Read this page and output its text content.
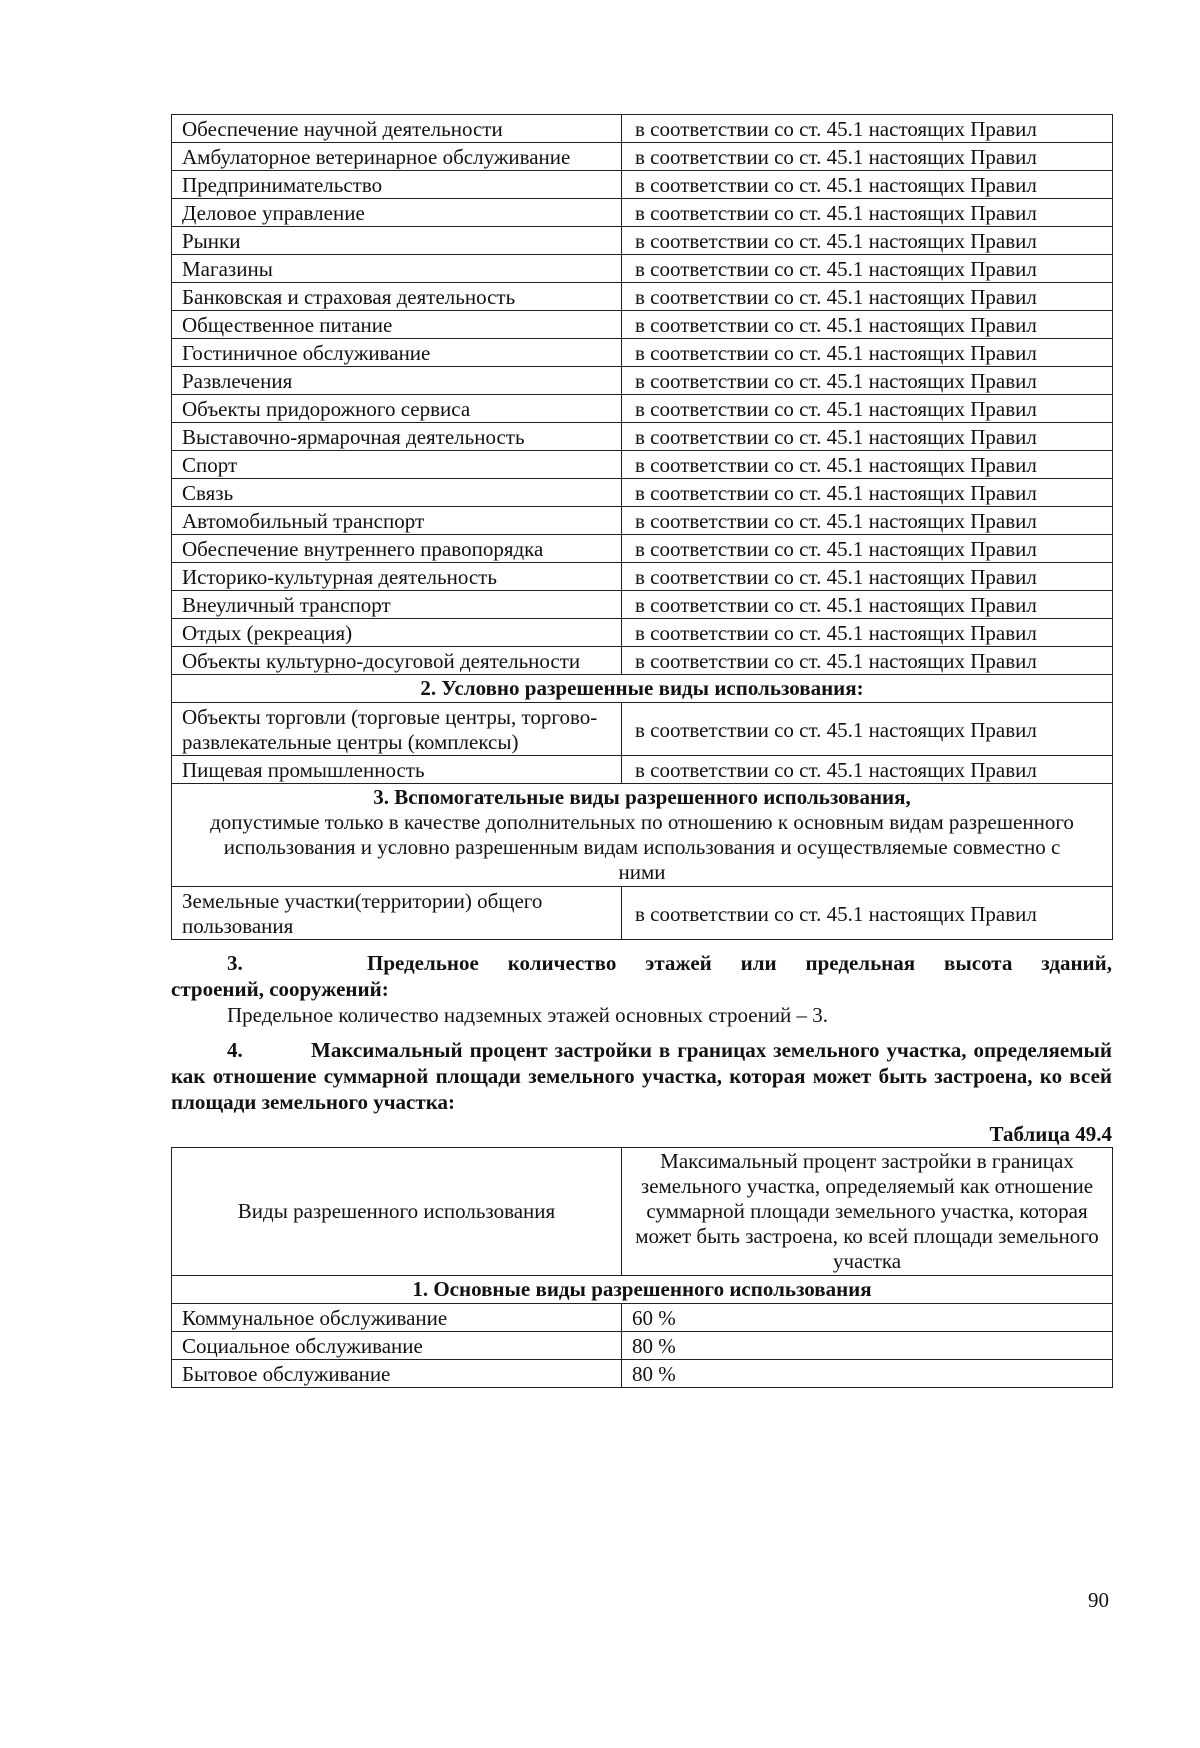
Обеспечение научной деятельности	в соответствии со ст. 45.1 настоящих Правил
Амбулаторное ветеринарное обслуживание	в соответствии со ст. 45.1 настоящих Правил
Предпринимательство	в соответствии со ст. 45.1 настоящих Правил
Деловое управление	в соответствии со ст. 45.1 настоящих Правил
Рынки	в соответствии со ст. 45.1 настоящих Правил
Магазины	в соответствии со ст. 45.1 настоящих Правил
Банковская и страховая деятельность	в соответствии со ст. 45.1 настоящих Правил
Общественное питание	в соответствии со ст. 45.1 настоящих Правил
Гостиничное обслуживание	в соответствии со ст. 45.1 настоящих Правил
Развлечения	в соответствии со ст. 45.1 настоящих Правил
Объекты придорожного сервиса	в соответствии со ст. 45.1 настоящих Правил
Выставочно-ярмарочная деятельность	в соответствии со ст. 45.1 настоящих Правил
Спорт	в соответствии со ст. 45.1 настоящих Правил
Связь	в соответствии со ст. 45.1 настоящих Правил
Автомобильный транспорт	в соответствии со ст. 45.1 настоящих Правил
Обеспечение внутреннего правопорядка	в соответствии со ст. 45.1 настоящих Правил
Историко-культурная деятельность	в соответствии со ст. 45.1 настоящих Правил
Внеуличный транспорт	в соответствии со ст. 45.1 настоящих Правил
Отдых (рекреация)	в соответствии со ст. 45.1 настоящих Правил
Объекты культурно-досуговой деятельности	в соответствии со ст. 45.1 настоящих Правил
2. Условно разрешенные виды использования:	
Объекты торговли (торговые центры, торгово-развлекательные центры (комплексы)	в соответствии со ст. 45.1 настоящих Правил
Пищевая промышленность	в соответствии со ст. 45.1 настоящих Правил

3. Вспомогательные виды разрешенного использования,
допустимые только в качестве дополнительных по отношению к основным видам разрешенного использования и условно разрешенным видам использования и осуществляемые совместно с ними	

Земельные участки(территории) общего пользования	в соответствии со ст. 45.1 настоящих Правил
3.	Предельное количество этажей или предельная высота зданий,

строений, сооружений:

Предельное количество надземных этажей основных строений – 3.

4.	Максимальный процент застройки в границах земельного участка, определяемый как отношение суммарной площади земельного участка, которая может быть застроена, ко всей площади земельного участка:

Таблица 49.4
Виды разрешенного использования	Максимальный процент застройки в границах земельного участка, определяемый как отношение суммарной площади земельного участка, которая может быть застроена, ко всей площади земельного участка
1. Основные виды разрешенного использования	
Коммунальное обслуживание	60 %
Социальное обслуживание	80 %
Бытовое обслуживание	80 %
90
